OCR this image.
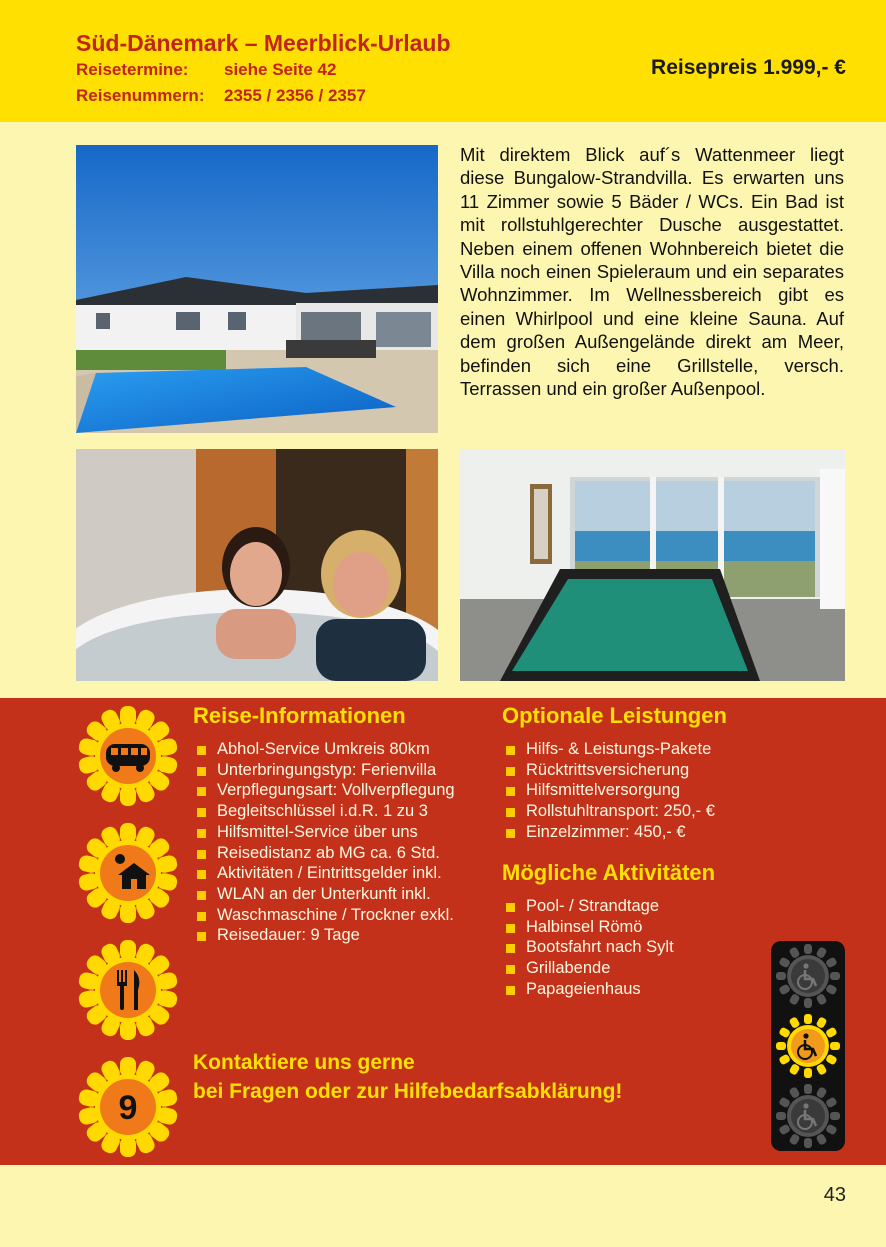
Süd-Dänemark – Meerblick-Urlaub
Reisetermine: siehe Seite 42
Reisenummern: 2355 / 2356 / 2357
Reisepreis 1.999,- €
Mit direktem Blick auf´s Wattenmeer liegt diese Bungalow-Strandvilla. Es erwarten uns 11 Zimmer sowie 5 Bäder / WCs. Ein Bad ist mit rollstuhlgerechter Dusche ausgestattet. Neben einem offenen Wohnbereich bietet die Villa noch einen Spieleraum und ein separates Wohnzimmer. Im Wellnessbereich gibt es einen Whirlpool und eine kleine Sauna. Auf dem großen Außengelände direkt am Meer, befinden sich eine Grillstelle, versch. Terrassen und ein großer Außenpool.
9
Reise-Informationen
Abhol-Service Umkreis 80km
Unterbringungstyp: Ferienvilla
Verpflegungsart: Vollverpflegung
Begleitschlüssel i.d.R. 1 zu 3
Hilfsmittel-Service über uns
Reisedistanz ab MG ca. 6 Std.
Aktivitäten / Eintrittsgelder inkl.
WLAN an der Unterkunft inkl.
Waschmaschine / Trockner exkl.
Reisedauer: 9 Tage
Optionale Leistungen
Hilfs- & Leistungs-Pakete
Rücktrittsversicherung
Hilfsmittelversorgung
Rollstuhltransport: 250,- €
Einzelzimmer: 450,- €
Mögliche Aktivitäten
Pool- / Strandtage
Halbinsel Römö
Bootsfahrt nach Sylt
Grillabende
Papageienhaus
Kontaktiere uns gerne
bei Fragen oder zur Hilfebedarfsabklärung!
43
